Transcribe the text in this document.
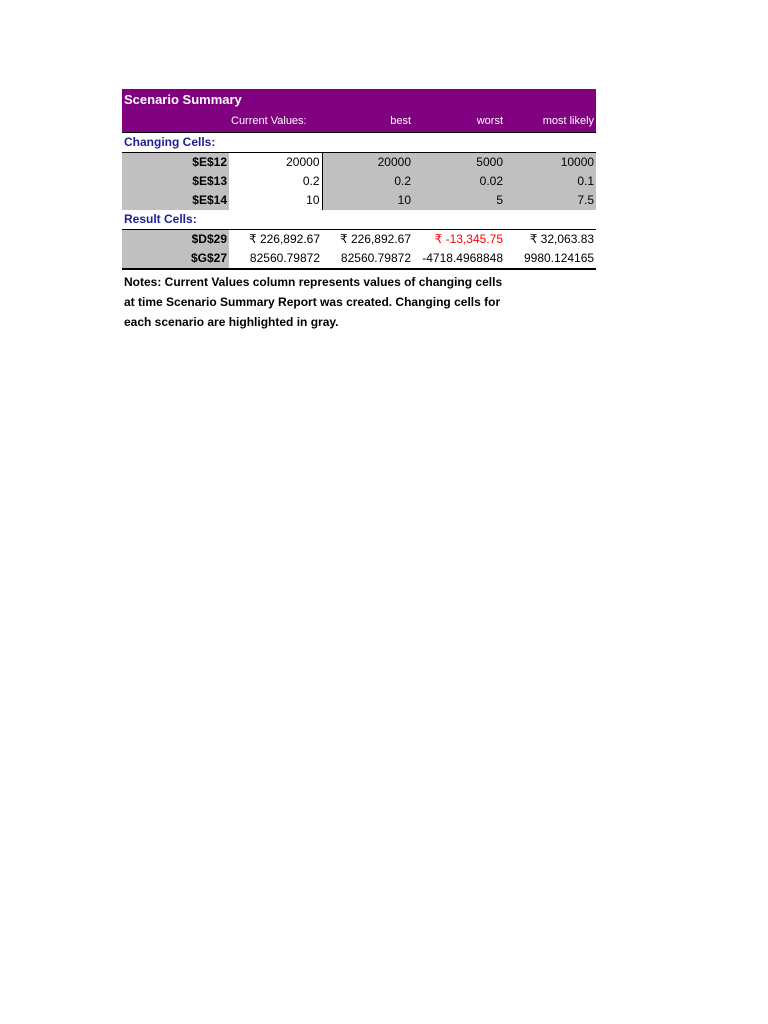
Scenario Summary				
	Current Values:	best	worst	most likely
Changing Cells:				
$E$12	20000	20000	5000	10000
$E$13	0.2	0.2	0.02	0.1
$E$14	10	10	5	7.5
Result Cells:				
$D$29	₹ 226,892.67	₹ 226,892.67	₹ -13,345.75	₹ 32,063.83
$G$27	82560.79872	82560.79872	-4718.4968848	9980.124165

Notes: Current Values column represents values of changing cells at time Scenario Summary Report was created. Changing cells for each scenario are highlighted in gray.
